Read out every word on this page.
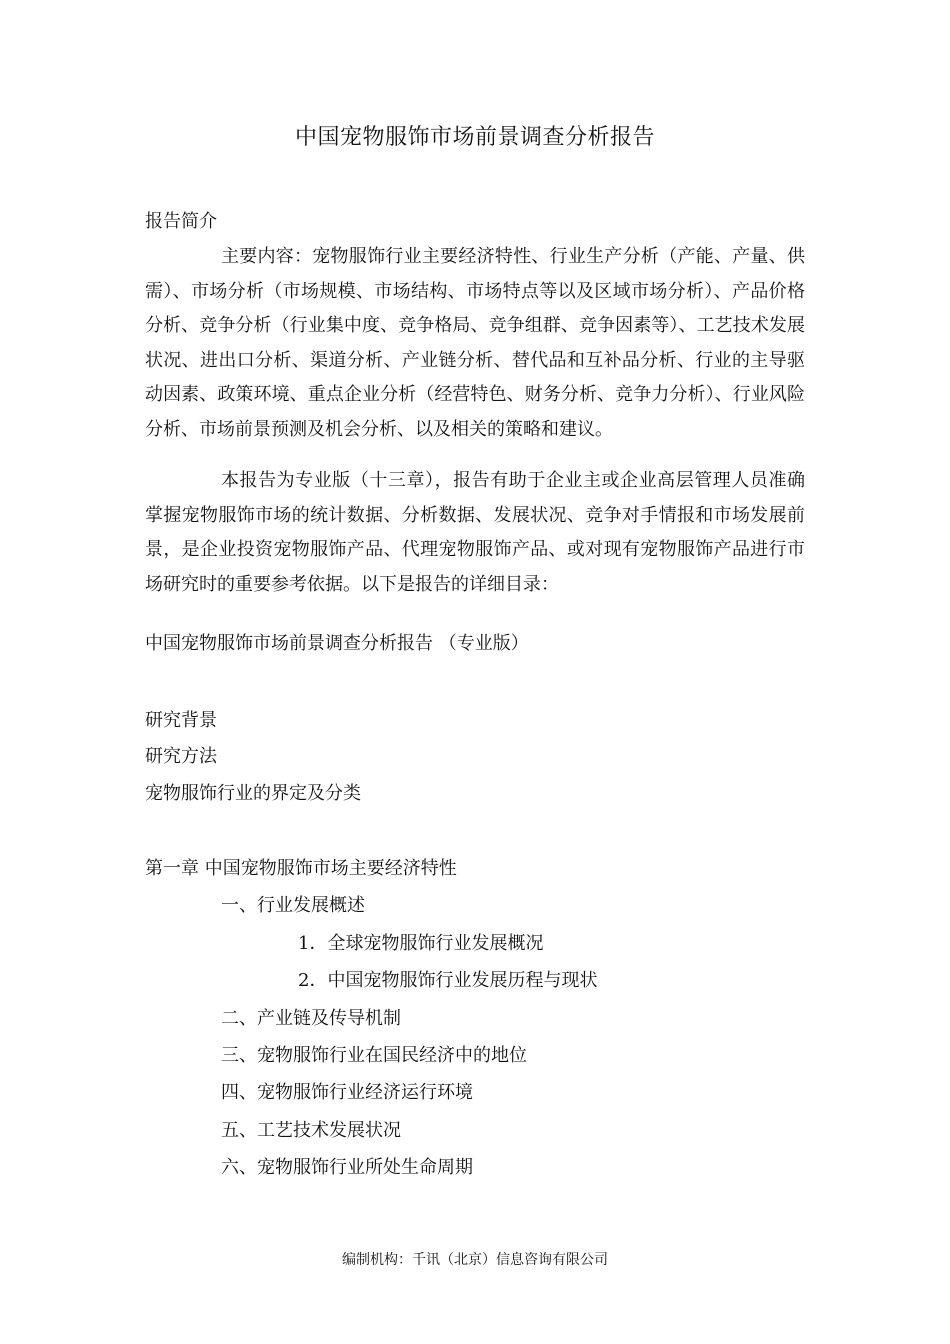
中国宠物服饰市场前景调查分析报告
报告简介
主要内容：宠物服饰行业主要经济特性、行业生产分析（产能、产量、供需）、市场分析（市场规模、市场结构、市场特点等以及区域市场分析）、产品价格分析、竞争分析（行业集中度、竞争格局、竞争组群、竞争因素等）、工艺技术发展状况、进出口分析、渠道分析、产业链分析、替代品和互补品分析、行业的主导驱动因素、政策环境、重点企业分析（经营特色、财务分析、竞争力分析）、行业风险分析、市场前景预测及机会分析、以及相关的策略和建议。
本报告为专业版（十三章），报告有助于企业主或企业高层管理人员准确掌握宠物服饰市场的统计数据、分析数据、发展状况、竞争对手情报和市场发展前景，是企业投资宠物服饰产品、代理宠物服饰产品、或对现有宠物服饰产品进行市场研究时的重要参考依据。以下是报告的详细目录：
中国宠物服饰市场前景调查分析报告 （专业版）
研究背景
研究方法
宠物服饰行业的界定及分类
第一章 中国宠物服饰市场主要经济特性
一、行业发展概述
1．全球宠物服饰行业发展概况
2．中国宠物服饰行业发展历程与现状
二、产业链及传导机制
三、宠物服饰行业在国民经济中的地位
四、宠物服饰行业经济运行环境
五、工艺技术发展状况
六、宠物服饰行业所处生命周期
编制机构：千讯（北京）信息咨询有限公司
